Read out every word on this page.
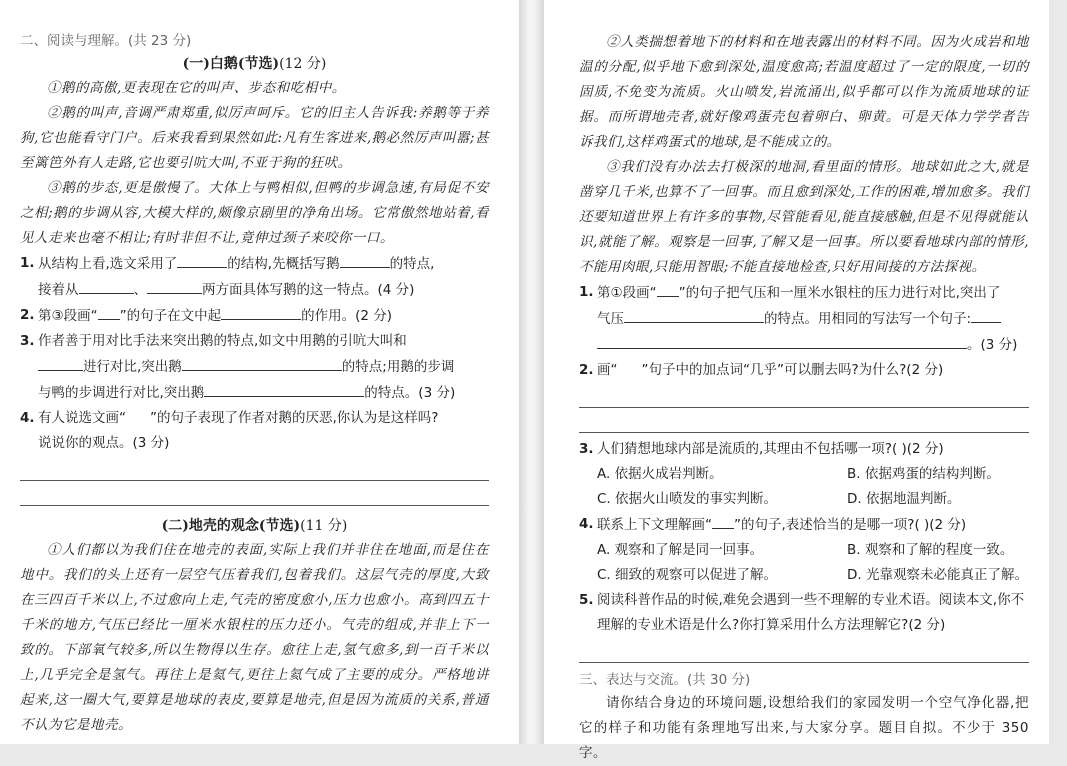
二、阅读与理解。(共 23 分)
(一)白鹅(节选)(12 分)

①鹅的高傲,更表现在它的叫声、步态和吃相中。

②鹅的叫声,音调严肃郑重,似厉声呵斥。它的旧主人告诉我:养鹅等于养狗,它也能看守门户。后来我看到果然如此:凡有生客进来,鹅必然厉声叫嚣;甚至篱笆外有人走路,它也要引吭大叫,不亚于狗的狂吠。

③鹅的步态,更是傲慢了。大体上与鸭相似,但鸭的步调急速,有局促不安之相;鹅的步调从容,大模大样的,颇像京剧里的净角出场。它常傲然地站着,看见人走来也毫不相让;有时非但不让,竟伸过颈子来咬你一口。

1. 从结构上看,选文采用了	的结构,先概括写鹅	的特点,
接着从	、	两方面具体写鹅的这一特点。(4 分)

2. 第③段画“ ”的句子在文中起	的作用。(2 分)

3. 作者善于用对比手法来突出鹅的特点,如文中用鹅的引吭大叫和
进行对比,突出鹅	的特点;用鹅的步调
与鸭的步调进行对比,突出鹅	的特点。(3 分)

4. 有人说选文画“ ”的句子表现了作者对鹅的厌恶,你认为是这样吗?
说说你的观点。(3 分)

(二)地壳的观念(节选)(11 分)

①人们都以为我们住在地壳的表面,实际上我们并非住在地面,而是住在地中。我们的头上还有一层空气压着我们,包着我们。这层气壳的厚度,大致在三四百千米以上,不过愈向上走,气壳的密度愈小,压力也愈小。高到四五十千米的地方,气压已经比一厘米水银柱的压力还小。气壳的组成,并非上下一致的。下部氧气较多,所以生物得以生存。愈往上走,氢气愈多,到一百千米以上,几乎完全是氢气。再往上是氦气,更往上氦气成了主要的成分。严格地讲起来,这一圈大气,要算是地球的表皮,要算是地壳,但是因为流质的关系,普通不认为它是地壳。

②人类揣想着地下的材料和在地表露出的材料不同。因为火成岩和地温的分配,似乎地下愈到深处,温度愈高;若温度超过了一定的限度,一切的固质,不免变为流质。火山喷发,岩流涌出,似乎都可以作为流质地球的证据。而所谓地壳者,就好像鸡蛋壳包着卵白、卵黄。可是天体力学学者告诉我们,这样鸡蛋式的地球,是不能成立的。

③我们没有办法去打极深的地洞,看里面的情形。地球如此之大,就是凿穿几千米,也算不了一回事。而且愈到深处,工作的困难,增加愈多。我们还要知道世界上有许多的事物,尽管能看见,能直接感触,但是不见得就能认识,就能了解。观察是一回事,了解又是一回事。所以要看地球内部的情形,不能用肉眼,只能用智眼;不能直接地检查,只好用间接的方法探视。

1. 第①段画“ ”的句子把气压和一厘米水银柱的压力进行对比,突出了
气压	的特点。用相同的写法写一个句子:
。(3 分)

2. 画“ ”句子中的加点词“几乎”可以删去吗?为什么?(2 分)

3. 人们猜想地球内部是流质的,其理由不包括哪一项?( )(2 分)

A. 依据火成岩判断。	B. 依据鸡蛋的结构判断。
C. 依据火山喷发的事实判断。	D. 依据地温判断。

4. 联系上下文理解画“ ”的句子,表述恰当的是哪一项?( )(2 分)

A. 观察和了解是同一回事。	B. 观察和了解的程度一致。
C. 细致的观察可以促进了解。	D. 光靠观察未必能真正了解。

5. 阅读科普作品的时候,难免会遇到一些不理解的专业术语。阅读本文,你不理解的专业术语是什么?你打算采用什么方法理解它?(2 分)

三、表达与交流。(共 30 分)

请你结合身边的环境问题,设想给我们的家园发明一个空气净化器,把它的样子和功能有条理地写出来,与大家分享。题目自拟。不少于 350 字。
